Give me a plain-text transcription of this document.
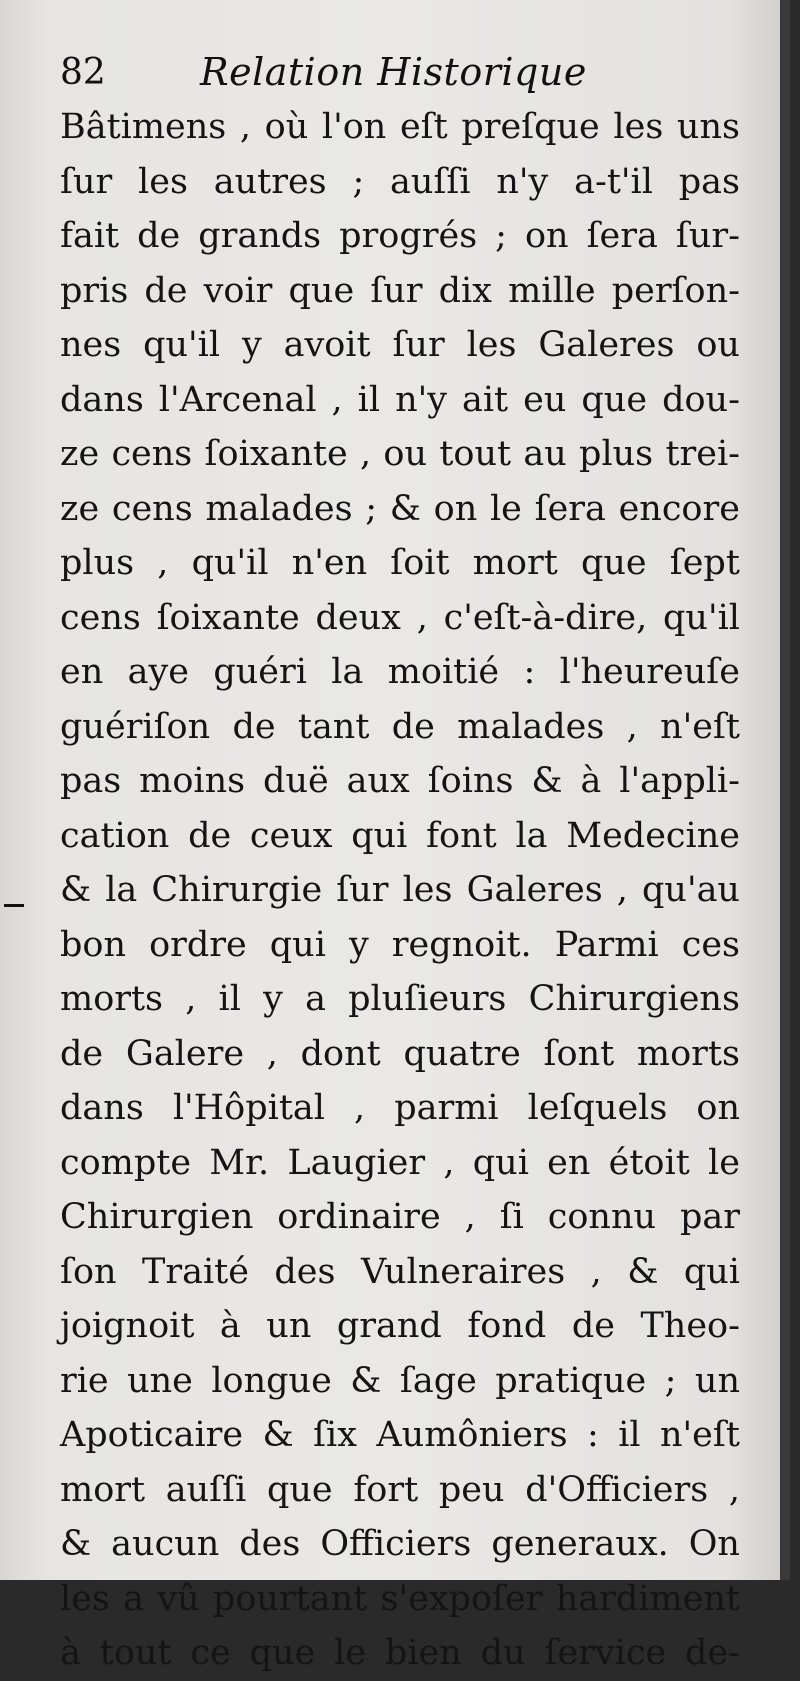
82 Relation Historique
Bâtimens , où l'on eſt preſque les uns
ſur les autres ; auſſi n'y a-t'il pas
fait de grands progrés ; on ſera ſur-
pris de voir que ſur dix mille perſon-
nes qu'il y avoit ſur les Galeres ou
dans l'Arcenal , il n'y ait eu que dou-
ze cens ſoixante , ou tout au plus trei-
ze cens malades ; & on le ſera encore
plus , qu'il n'en ſoit mort que ſept
cens ſoixante deux , c'eſt-à-dire, qu'il
en aye guéri la moitié : l'heureuſe
guériſon de tant de malades , n'eſt
pas moins duë aux ſoins & à l'appli-
cation de ceux qui font la Medecine
& la Chirurgie ſur les Galeres , qu'au
bon ordre qui y regnoit. Parmi ces
morts , il y a pluſieurs Chirurgiens
de Galere , dont quatre ſont morts
dans l'Hôpital , parmi leſquels on
compte Mr. Laugier , qui en étoit le
Chirurgien ordinaire , ſi connu par
ſon Traité des Vulneraires , & qui
joignoit à un grand fond de Theo-
rie une longue & ſage pratique ; un
Apoticaire & ſix Aumôniers : il n'eſt
mort auſſi que fort peu d'Officiers ,
& aucun des Officiers generaux. On
les a vû pourtant s'expoſer hardiment
à tout ce que le bien du ſervice de-
